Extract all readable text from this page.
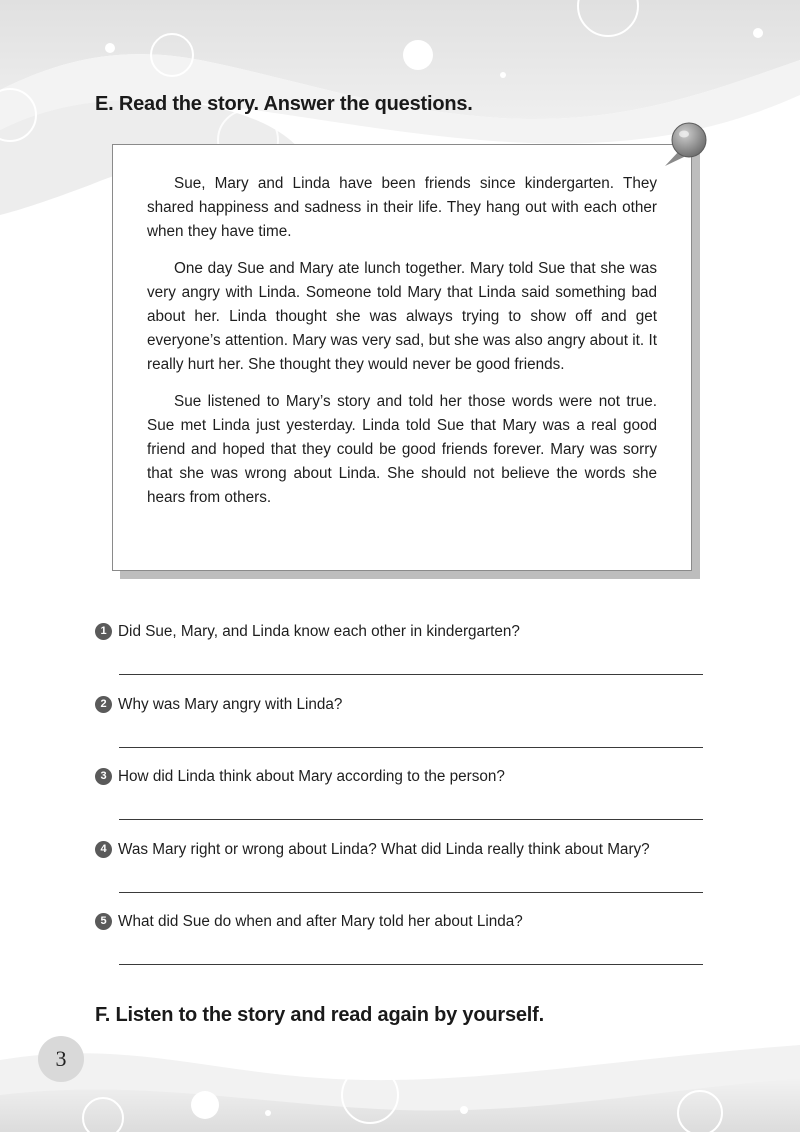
E. Read the story. Answer the questions.

Sue, Mary and Linda have been friends since kindergarten. They shared happiness and sadness in their life. They hang out with each other when they have time.

One day Sue and Mary ate lunch together. Mary told Sue that she was very angry with Linda. Someone told Mary that Linda said something bad about her. Linda thought she was always trying to show off and get everyone’s attention. Mary was very sad, but she was also angry about it. It really hurt her. She thought they would never be good friends.

Sue listened to Mary’s story and told her those words were not true. Sue met Linda just yesterday. Linda told Sue that Mary was a real good friend and hoped that they could be good friends forever. Mary was sorry that she was wrong about Linda. She should not believe the words she hears from others.

1 Did Sue, Mary, and Linda know each other in kindergarten?
2 Why was Mary angry with Linda?
3 How did Linda think about Mary according to the person?
4 Was Mary right or wrong about Linda? What did Linda really think about Mary?
5 What did Sue do when and after Mary told her about Linda?
F. Listen to the story and read again by yourself.
3
